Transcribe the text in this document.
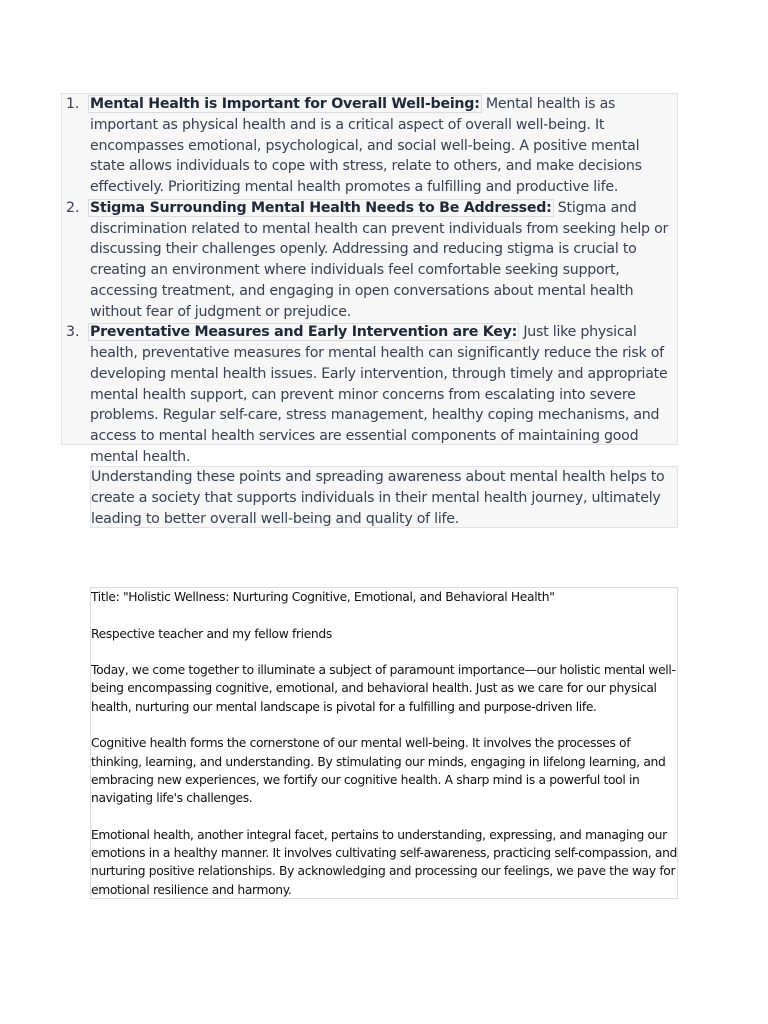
1. Mental Health is Important for Overall Well-being: Mental health is as important as physical health and is a critical aspect of overall well-being. It encompasses emotional, psychological, and social well-being. A positive mental state allows individuals to cope with stress, relate to others, and make decisions effectively. Prioritizing mental health promotes a fulfilling and productive life.
2. Stigma Surrounding Mental Health Needs to Be Addressed: Stigma and discrimination related to mental health can prevent individuals from seeking help or discussing their challenges openly. Addressing and reducing stigma is crucial to creating an environment where individuals feel comfortable seeking support, accessing treatment, and engaging in open conversations about mental health without fear of judgment or prejudice.
3. Preventative Measures and Early Intervention are Key: Just like physical health, preventative measures for mental health can significantly reduce the risk of developing mental health issues. Early intervention, through timely and appropriate mental health support, can prevent minor concerns from escalating into severe problems. Regular self-care, stress management, healthy coping mechanisms, and access to mental health services are essential components of maintaining good mental health.
Understanding these points and spreading awareness about mental health helps to create a society that supports individuals in their mental health journey, ultimately leading to better overall well-being and quality of life.

Title: "Holistic Wellness: Nurturing Cognitive, Emotional, and Behavioral Health"

Respective teacher and my fellow friends

Today, we come together to illuminate a subject of paramount importance—our holistic mental well-being encompassing cognitive, emotional, and behavioral health. Just as we care for our physical health, nurturing our mental landscape is pivotal for a fulfilling and purpose-driven life.

Cognitive health forms the cornerstone of our mental well-being. It involves the processes of thinking, learning, and understanding. By stimulating our minds, engaging in lifelong learning, and embracing new experiences, we fortify our cognitive health. A sharp mind is a powerful tool in navigating life's challenges.

Emotional health, another integral facet, pertains to understanding, expressing, and managing our emotions in a healthy manner. It involves cultivating self-awareness, practicing self-compassion, and nurturing positive relationships. By acknowledging and processing our feelings, we pave the way for emotional resilience and harmony.
